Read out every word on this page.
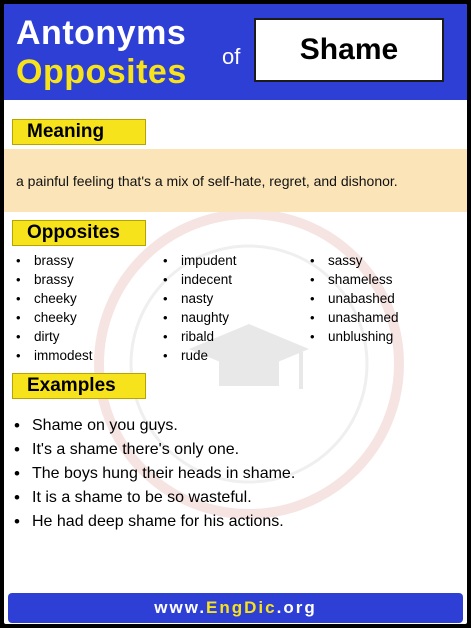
Antonyms
Opposites of Shame
Meaning
a painful feeling that's a mix of self-hate, regret, and dishonor.
Opposites
• brassy
• brassy
• cheeky
• cheeky
• dirty
• immodest
• impudent
• indecent
• nasty
• naughty
• ribald
• rude
• sassy
• shameless
• unabashed
• unashamed
• unblushing
Examples
• Shame on you guys.
• It's a shame there's only one.
• The boys hung their heads in shame.
• It is a shame to be so wasteful.
• He had deep shame for his actions.
www. EngDic .org
